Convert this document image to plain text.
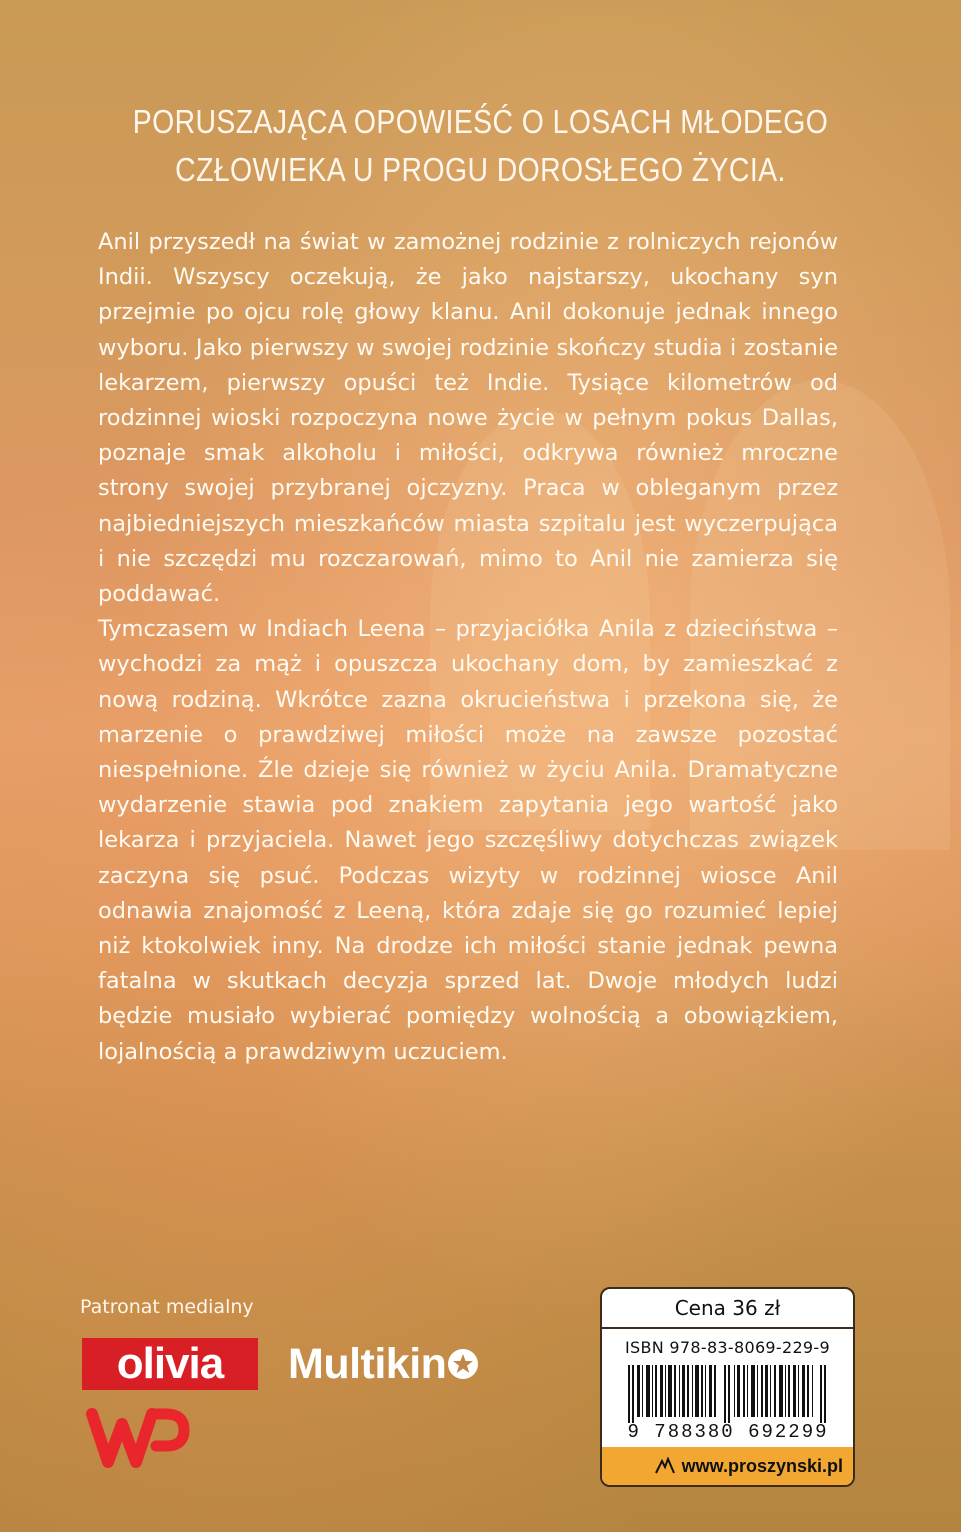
PORUSZAJĄCA OPOWIEŚĆ O LOSACH MŁODEGO
CZŁOWIEKA U PROGU DOROSŁEGO ŻYCIA.

Anil przyszedł na świat w zamożnej rodzinie z rolniczych rejonów Indii. Wszyscy oczekują, że jako najstarszy, ukochany syn przejmie po ojcu rolę głowy klanu. Anil dokonuje jednak innego wyboru. Jako pierwszy w swojej rodzinie skończy studia i zostanie lekarzem, pierwszy opuści też Indie. Tysiące kilometrów od rodzinnej wioski rozpoczyna nowe życie w pełnym pokus Dallas, poznaje smak alkoholu i miłości, odkrywa również mroczne strony swojej przybranej ojczyzny. Praca w obleganym przez najbiedniejszych mieszkańców miasta szpitalu jest wyczerpująca i nie szczędzi mu rozczarowań, mimo to Anil nie zamierza się poddawać.

Tymczasem w Indiach Leena – przyjaciółka Anila z dzieciństwa – wychodzi za mąż i opuszcza ukochany dom, by zamieszkać z nową rodziną. Wkrótce zazna okrucieństwa i przekona się, że marzenie o prawdziwej miłości może na zawsze pozostać niespełnione. Źle dzieje się również w życiu Anila. Dramatyczne wydarzenie stawia pod znakiem zapytania jego wartość jako lekarza i przyjaciela. Nawet jego szczęśliwy dotychczas związek zaczyna się psuć. Podczas wizyty w rodzinnej wiosce Anil odnawia znajomość z Leeną, która zdaje się go rozumieć lepiej niż ktokolwiek inny. Na drodze ich miłości stanie jednak pewna fatalna w skutkach decyzja sprzed lat. Dwoje młodych ludzi będzie musiało wybierać pomiędzy wolnością a obowiązkiem, lojalnością a prawdziwym uczuciem.

Patronat medialny
olivia	Multikin
Cena 36 zł
ISBN 978-83-8069-229-9
9 788380 692299
www.proszynski.pl
